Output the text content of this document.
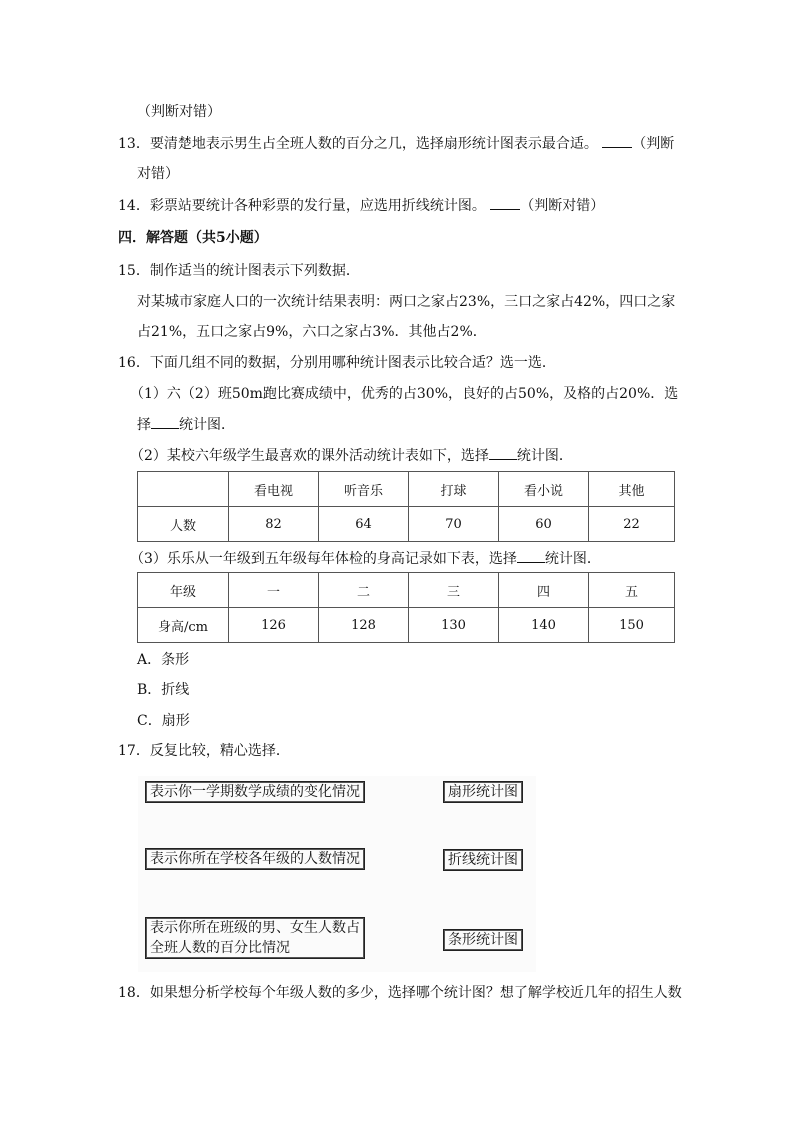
（判断对错）
13．要清楚地表示男生占全班人数的百分之几，选择扇形统计图表示最合适。 （判断
对错）
14．彩票站要统计各种彩票的发行量，应选用折线统计图。 （判断对错）
四．解答题（共5小题）
15．制作适当的统计图表示下列数据．
对某城市家庭人口的一次统计结果表明：两口之家占23%，三口之家占42%，四口之家
占21%，五口之家占9%，六口之家占3%．其他占2%．
16．下面几组不同的数据，分别用哪种统计图表示比较合适？选一选．
（1）六（2）班50m跑比赛成绩中，优秀的占30%，良好的占50%，及格的占20%．选
择 统计图．
（2）某校六年级学生最喜欢的课外活动统计表如下，选择 统计图．
	看电视	听音乐	打球	看小说	其他
人数	82	64	70	60	22
（3）乐乐从一年级到五年级每年体检的身高记录如下表，选择 统计图．
年级	一	二	三	四	五
身高/cm	126	128	130	140	150
A．条形
B．折线
C．扇形
17．反复比较，精心选择．
表示你一学期数学成绩的变化情况
表示你所在学校各年级的人数情况
表示你所在班级的男、女生人数占
全班人数的百分比情况
扇形统计图
折线统计图
条形统计图
18．如果想分析学校每个年级人数的多少，选择哪个统计图？想了解学校近几年的招生人数
